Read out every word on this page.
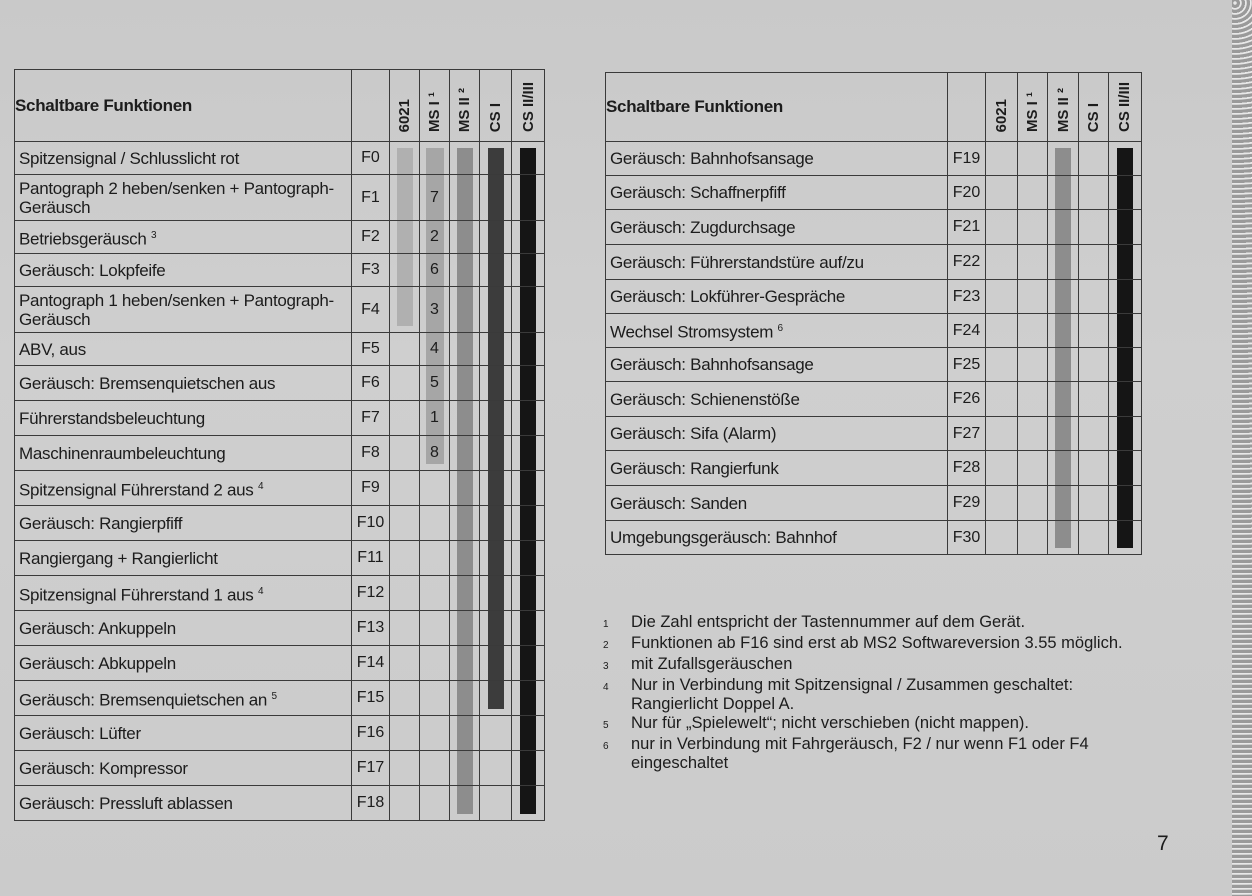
Schaltbare Funktionen		6021	MS I ¹	MS II ²	CS I	CS II/III
Spitzensignal / Schlusslicht rot	F0	

Pantograph 2 heben/senken + Pantograph-Geräusch	F1		7			

Betriebsgeräusch $^3$	F2		2			

Geräusch: Lokpfeife	F3		6			

Pantograph 1 heben/senken + Pantograph-Geräusch	F4		3			

ABV, aus	F5		4			

Geräusch: Bremsenquietschen aus	F6		5			

Führerstandsbeleuchtung	F7		1			

Maschinenraumbeleuchtung	F8		8			

Spitzensignal Führerstand 2 aus $^4$	F9			

Geräusch: Rangierpfiff	F10			

Rangiergang + Rangierlicht	F11			

Spitzensignal Führerstand 1 aus $^4$	F12			

Geräusch: Ankuppeln	F13			

Geräusch: Abkuppeln	F14			

Geräusch: Bremsenquietschen an $^5$	F15			

Geräusch: Lüfter	F16			

Geräusch: Kompressor	F17			

Geräusch: Pressluft ablassen	F18			

Schaltbare Funktionen		6021	MS I ¹	MS II ²	CS I	CS II/III
Geräusch: Bahnhofsansage	F19			

Geräusch: Schaffnerpfiff	F20			

Geräusch: Zugdurchsage	F21			

Geräusch: Führerstandstüre auf/zu	F22			

Geräusch: Lokführer-Gespräche	F23			

Wechsel Stromsystem $^6$	F24			

Geräusch: Bahnhofsansage	F25			

Geräusch: Schienenstöße	F26			

Geräusch: Sifa (Alarm)	F27			

Geräusch: Rangierfunk	F28			

Geräusch: Sanden	F29			

Umgebungsgeräusch: Bahnhof	F30			

1	Die Zahl entspricht der Tastennummer auf dem Gerät.
2	Funktionen ab F16 sind erst ab MS2 Softwareversion 3.55 möglich.
3	mit Zufallsgeräuschen
4	Nur in Verbindung mit Spitzensignal / Zusammen geschaltet: Rangierlicht Doppel A.
5	Nur für „Spielewelt“; nicht verschieben (nicht mappen).
6	nur in Verbindung mit Fahrgeräusch, F2 / nur wenn F1 oder F4 eingeschaltet
7
